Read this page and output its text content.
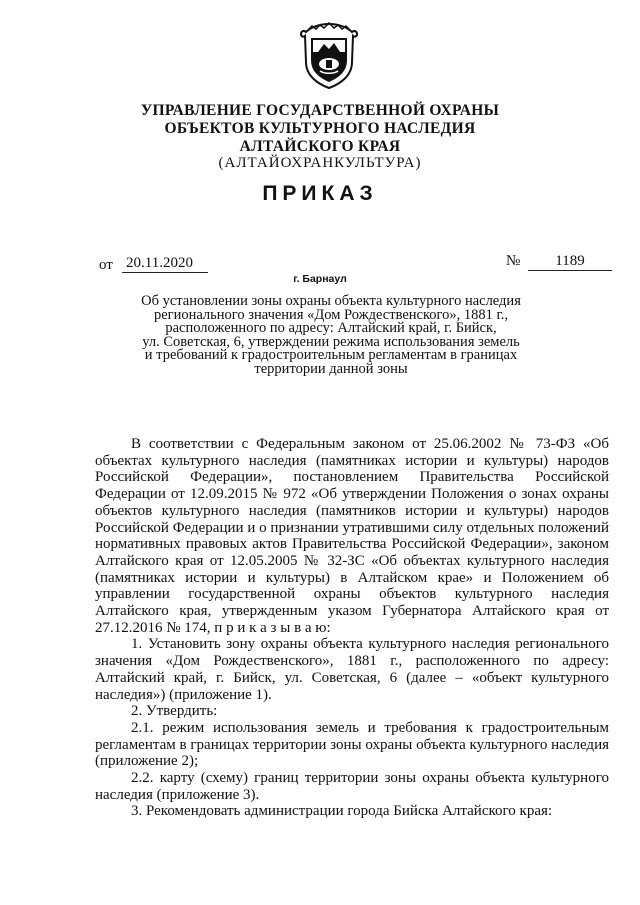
УПРАВЛЕНИЕ ГОСУДАРСТВЕННОЙ ОХРАНЫ
ОБЪЕКТОВ КУЛЬТУРНОГО НАСЛЕДИЯ
АЛТАЙСКОГО КРАЯ
(АЛТАЙОХРАНКУЛЬТУРА)
ПРИКАЗ
от 20.11.2020	№	1189
г. Барнаул
Об установлении зоны охраны объекта культурного наследия
регионального значения «Дом Рождественского», 1881 г.,
расположенного по адресу: Алтайский край, г. Бийск,
ул. Советская, 6, утверждении режима использования земель
и требований к градостроительным регламентам в границах
территории данной зоны
В соответствии с Федеральным законом от 25.06.2002 № 73-ФЗ «Об объектах культурного наследия (памятниках истории и культуры) народов Российской Федерации», постановлением Правительства Российской Федерации от 12.09.2015 № 972 «Об утверждении Положения о зонах охраны объектов культурного наследия (памятников истории и культуры) народов Российской Федерации и о признании утратившими силу отдельных положений нормативных правовых актов Правительства Российской Федерации», законом Алтайского края от 12.05.2005 № 32-ЗС «Об объектах культурного наследия (памятниках истории и культуры) в Алтайском крае» и Положением об управлении государственной охраны объектов культурного наследия Алтайского края, утвержденным указом Губернатора Алтайского края от 27.12.2016 № 174, п р и к а з ы в а ю:
1. Установить зону охраны объекта культурного наследия регионального значения «Дом Рождественского», 1881 г., расположенного по адресу: Алтайский край, г. Бийск, ул. Советская, 6 (далее – «объект культурного наследия») (приложение 1).
2. Утвердить:
2.1. режим использования земель и требования к градостроительным регламентам в границах территории зоны охраны объекта культурного наследия (приложение 2);
2.2. карту (схему) границ территории зоны охраны объекта культурного наследия (приложение 3).
3. Рекомендовать администрации города Бийска Алтайского края:
